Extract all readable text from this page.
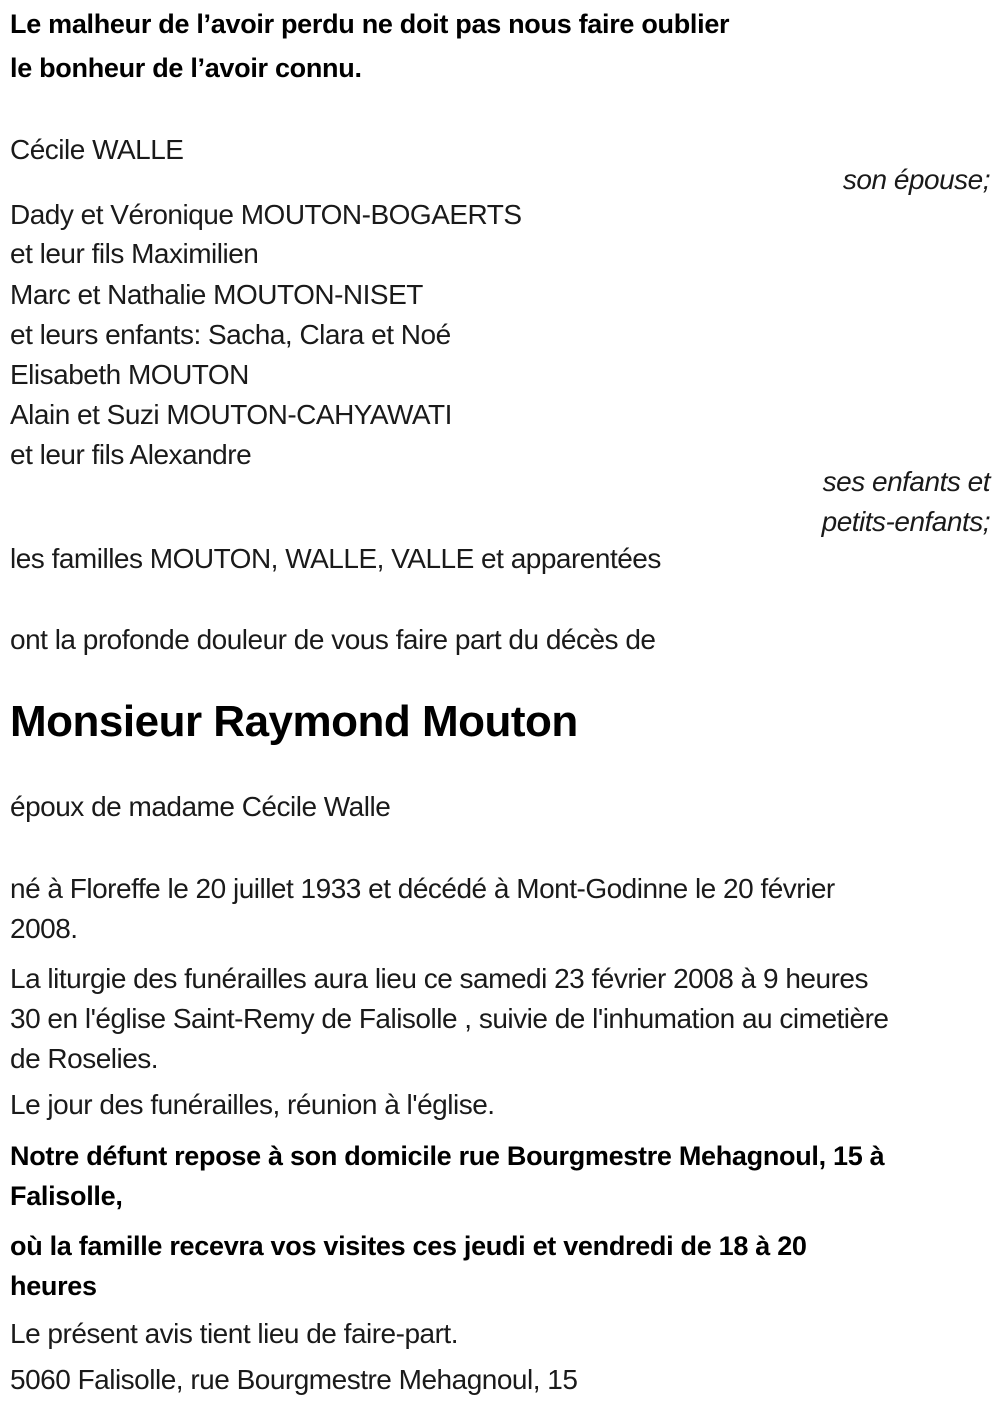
Le malheur de l’avoir perdu ne doit pas nous faire oublier
le bonheur de l’avoir connu.
Cécile WALLE
son épouse;
Dady et Véronique MOUTON-BOGAERTS
et leur fils Maximilien
Marc et Nathalie MOUTON-NISET
et leurs enfants: Sacha, Clara et Noé
Elisabeth MOUTON
Alain et Suzi MOUTON-CAHYAWATI
et leur fils Alexandre
ses enfants et
petits-enfants;
les familles MOUTON, WALLE, VALLE et apparentées
ont la profonde douleur de vous faire part du décès de
Monsieur Raymond Mouton
époux de madame Cécile Walle
né à Floreffe le 20 juillet 1933 et décédé à Mont-Godinne le 20 février
2008.
La liturgie des funérailles aura lieu ce samedi 23 février 2008 à 9 heures
30 en l'église Saint-Remy de Falisolle , suivie de l'inhumation au cimetière
de Roselies.
Le jour des funérailles, réunion à l'église.
Notre défunt repose à son domicile rue Bourgmestre Mehagnoul, 15 à
Falisolle,
où la famille recevra vos visites ces jeudi et vendredi de 18 à 20
heures
Le présent avis tient lieu de faire-part.
5060 Falisolle, rue Bourgmestre Mehagnoul, 15
